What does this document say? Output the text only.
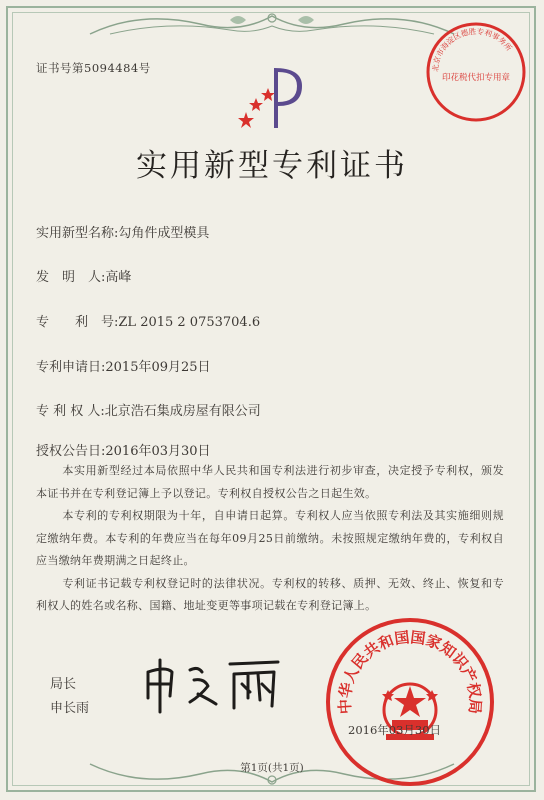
证书号第5094484号	北京市海淀区德胜专利事务所
印花税代扣专用章
实用新型专利证书
实用新型名称:勾角件成型模具
发　明　人:高峰
专　　利　号:ZL 2015 2 0753704.6
专利申请日:2015年09月25日
专 利 权 人:北京浩石集成房屋有限公司
授权公告日:2016年03月30日

本实用新型经过本局依照中华人民共和国专利法进行初步审查，决定授予专利权，颁发本证书并在专利登记簿上予以登记。专利权自授权公告之日起生效。

本专利的专利权期限为十年，自申请日起算。专利权人应当依照专利法及其实施细则规定缴纳年费。本专利的年费应当在每年09月25日前缴纳。未按照规定缴纳年费的，专利权自应当缴纳年费期满之日起终止。

专利证书记载专利权登记时的法律状况。专利权的转移、质押、无效、终止、恢复和专利权人的姓名或名称、国籍、地址变更等事项记载在专利登记簿上。

局长
申长雨	中华人民共和国国家知识产权局
2016年03月30日
第1页(共1页)
